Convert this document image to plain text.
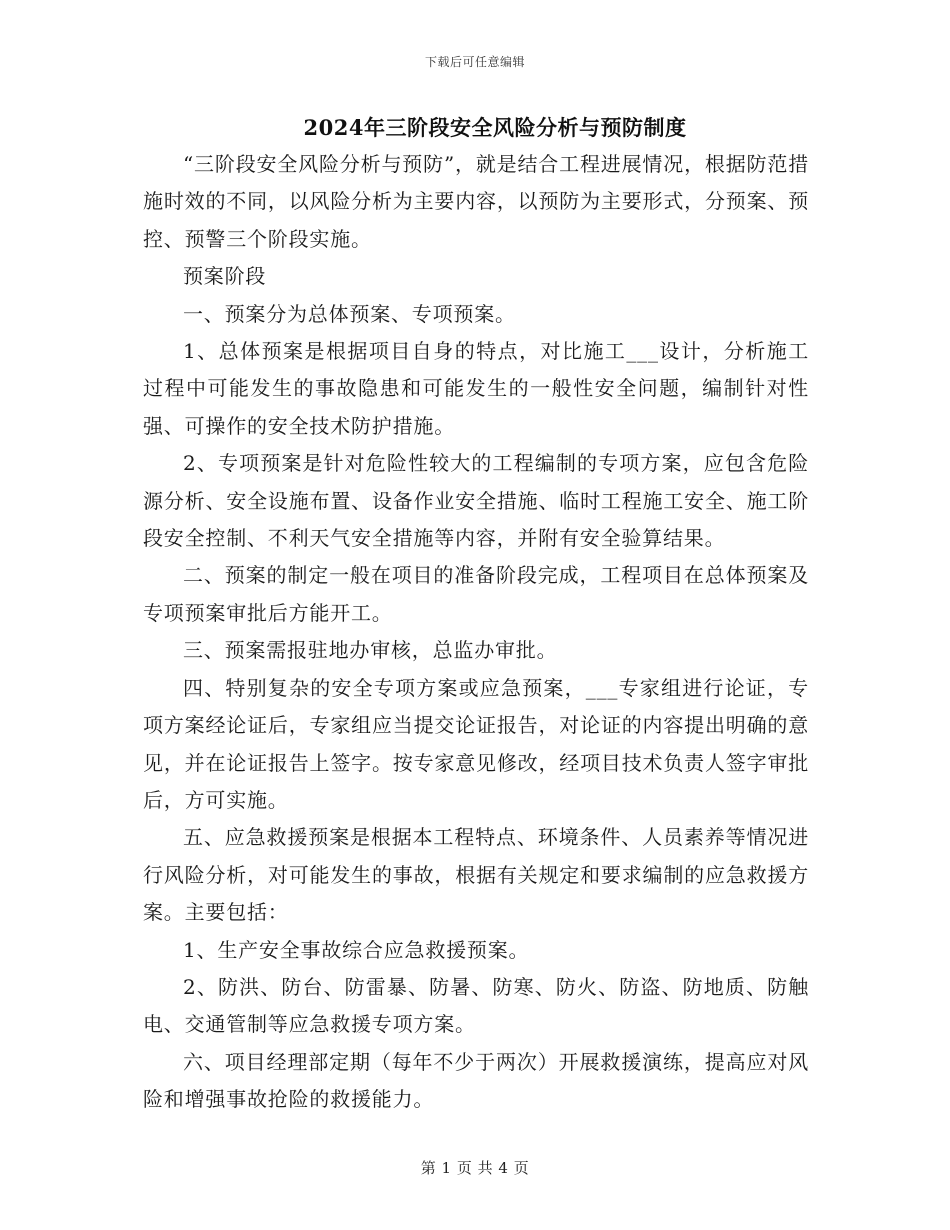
下载后可任意编辑
2024年三阶段安全风险分析与预防制度

“三阶段安全风险分析与预防”，就是结合工程进展情况，根据防范措施时效的不同，以风险分析为主要内容，以预防为主要形式，分预案、预控、预警三个阶段实施。

预案阶段

一、预案分为总体预案、专项预案。

1、总体预案是根据项目自身的特点，对比施工___设计，分析施工过程中可能发生的事故隐患和可能发生的一般性安全问题，编制针对性强、可操作的安全技术防护措施。

2、专项预案是针对危险性较大的工程编制的专项方案，应包含危险源分析、安全设施布置、设备作业安全措施、临时工程施工安全、施工阶段安全控制、不利天气安全措施等内容，并附有安全验算结果。

二、预案的制定一般在项目的准备阶段完成，工程项目在总体预案及专项预案审批后方能开工。

三、预案需报驻地办审核，总监办审批。

四、特别复杂的安全专项方案或应急预案，___专家组进行论证，专项方案经论证后，专家组应当提交论证报告，对论证的内容提出明确的意见，并在论证报告上签字。按专家意见修改，经项目技术负责人签字审批后，方可实施。

五、应急救援预案是根据本工程特点、环境条件、人员素养等情况进行风险分析，对可能发生的事故，根据有关规定和要求编制的应急救援方案。主要包括：

1、生产安全事故综合应急救援预案。

2、防洪、防台、防雷暴、防暑、防寒、防火、防盗、防地质、防触电、交通管制等应急救援专项方案。

六、项目经理部定期（每年不少于两次）开展救援演练，提高应对风险和增强事故抢险的救援能力。

第 1 页 共 4 页
